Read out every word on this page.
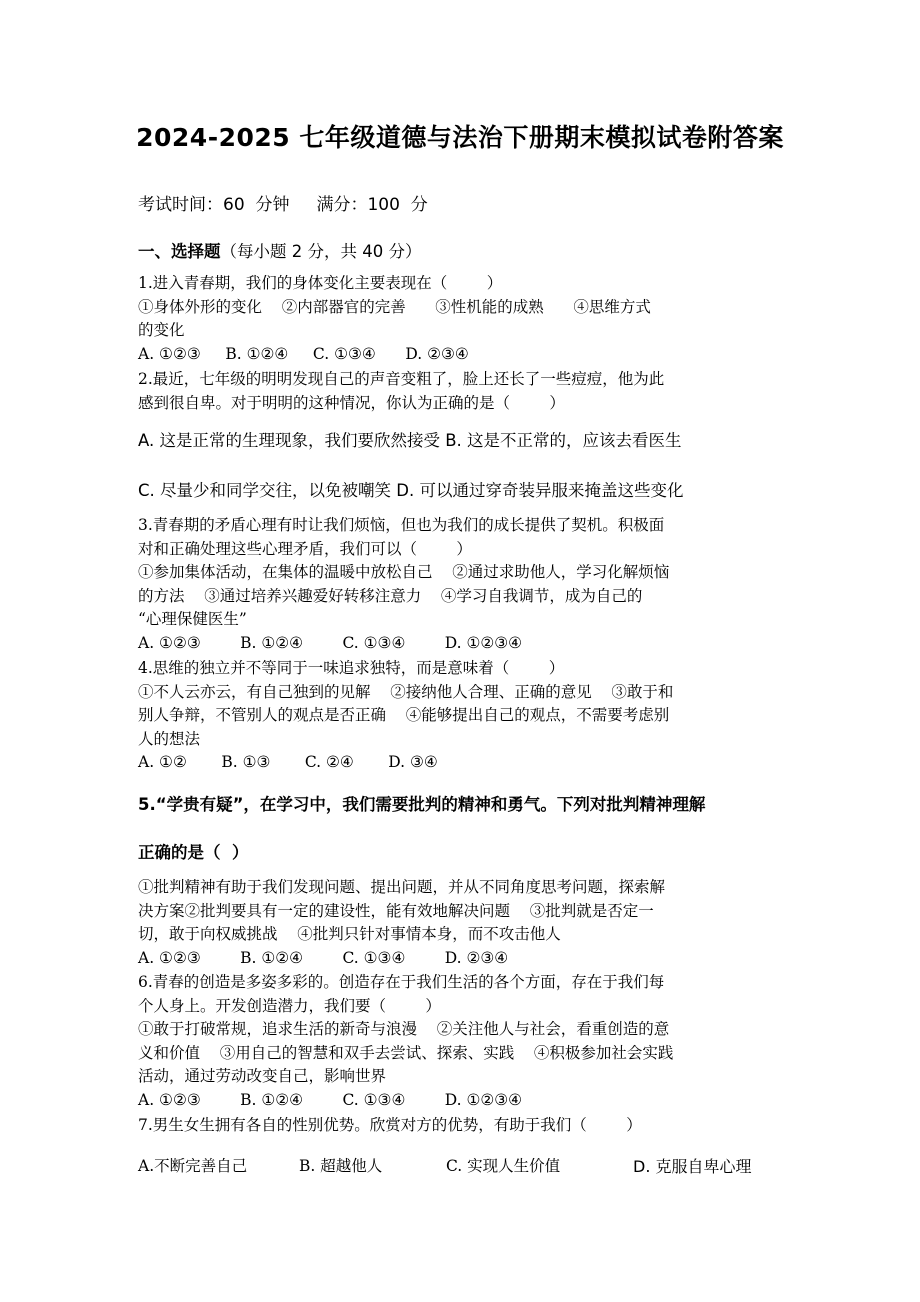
2024-2025 七年级道德与法治下册期末模拟试卷附答案
考试时间：60  分钟     满分：100  分
一、选择题（每小题 2 分，共 40 分）
1.进入青春期，我们的身体变化主要表现在（        ）
①身体外形的变化    ②内部器官的完善      ③性机能的成熟      ④思维方式
的变化
A. ①②③     B. ①②④     C. ①③④      D. ②③④
2.最近，七年级的明明发现自己的声音变粗了，脸上还长了一些痘痘，他为此
感到很自卑。对于明明的这种情况，你认为正确的是（        ）
A. 这是正常的生理现象，我们要欣然接受 B. 这是不正常的，应该去看医生
C. 尽量少和同学交往，以免被嘲笑 D. 可以通过穿奇装异服来掩盖这些变化
3.青春期的矛盾心理有时让我们烦恼，但也为我们的成长提供了契机。积极面
对和正确处理这些心理矛盾，我们可以（        ）
①参加集体活动，在集体的温暖中放松自己    ②通过求助他人，学习化解烦恼
的方法    ③通过培养兴趣爱好转移注意力    ④学习自我调节，成为自己的
“心理保健医生”
A. ①②③        B. ①②④        C. ①③④        D. ①②③④
4.思维的独立并不等同于一味追求独特，而是意味着（        ）
①不人云亦云，有自己独到的见解    ②接纳他人合理、正确的意见    ③敢于和
别人争辩，不管别人的观点是否正确    ④能够提出自己的观点，不需要考虑别
人的想法
A. ①②       B. ①③       C. ②④       D. ③④
5.“学贵有疑”，在学习中，我们需要批判的精神和勇气。下列对批判精神理解
正确的是（  ）
①批判精神有助于我们发现问题、提出问题，并从不同角度思考问题，探索解
决方案②批判要具有一定的建设性，能有效地解决问题    ③批判就是否定一
切，敢于向权威挑战    ④批判只针对事情本身，而不攻击他人
A. ①②③        B. ①②④        C. ①③④        D. ②③④
6.青春的创造是多姿多彩的。创造存在于我们生活的各个方面，存在于我们每
个人身上。开发创造潜力，我们要（        ）
①敢于打破常规，追求生活的新奇与浪漫    ②关注他人与社会，看重创造的意
义和价值    ③用自己的智慧和双手去尝试、探索、实践    ④积极参加社会实践
活动，通过劳动改变自己，影响世界
A. ①②③        B. ①②④        C. ①③④        D. ①②③④
7.男生女生拥有各自的性别优势。欣赏对方的优势，有助于我们（        ）
A.不断完善自己	B. 超越他人	C. 实现人生价值	D. 克服自卑心理
